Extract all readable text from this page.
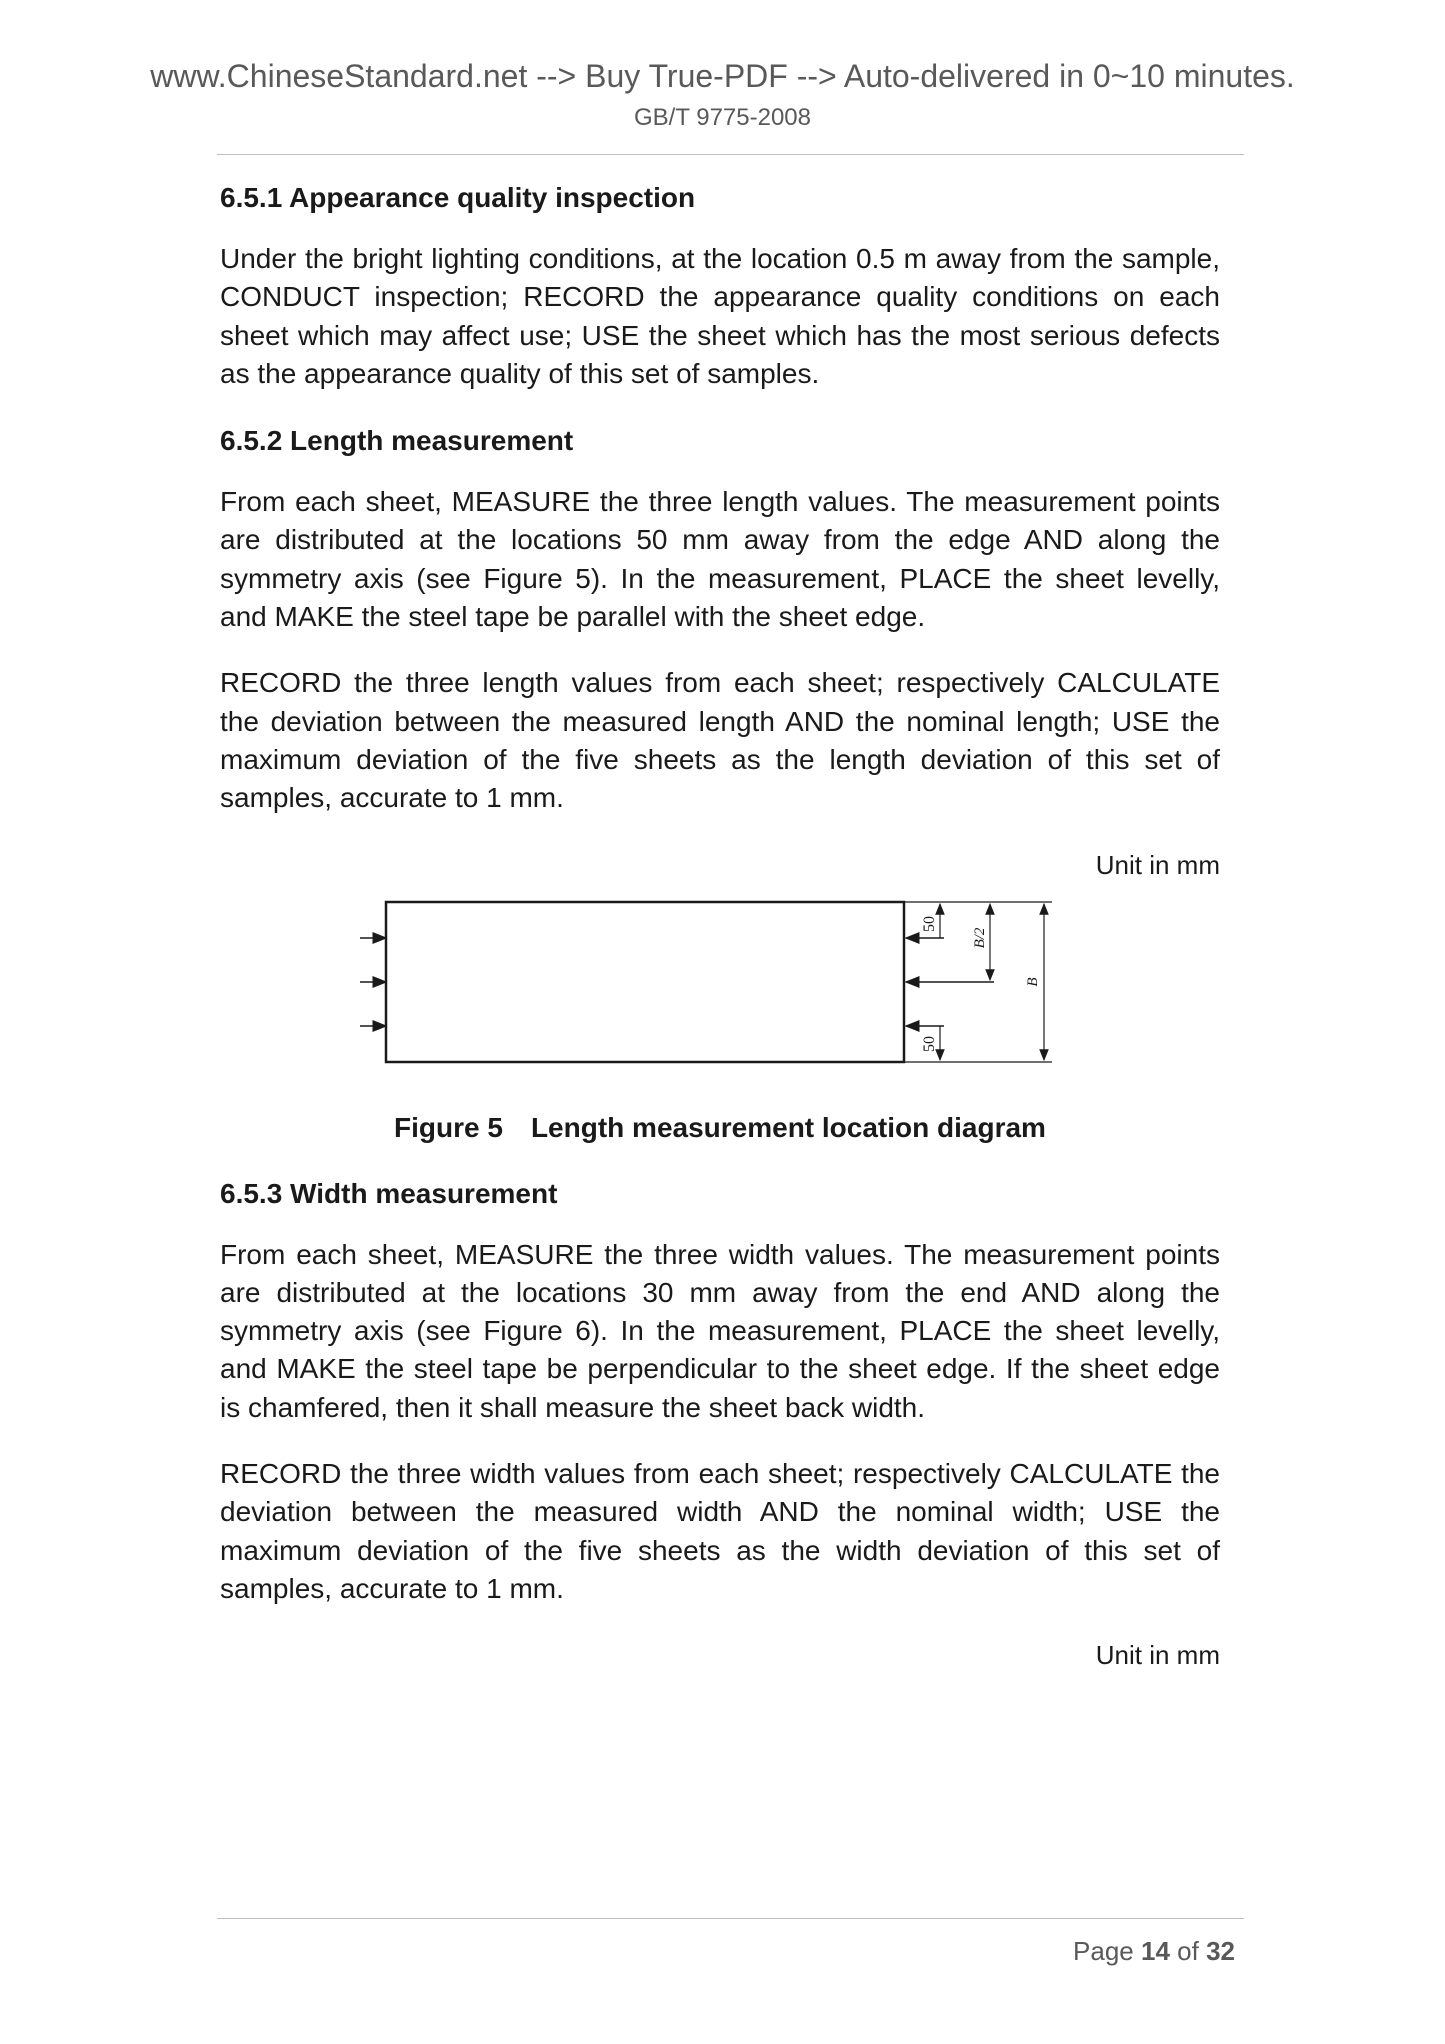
www.ChineseStandard.net --> Buy True-PDF --> Auto-delivered in 0~10 minutes.
GB/T 9775-2008
6.5.1 Appearance quality inspection

Under the bright lighting conditions, at the location 0.5 m away from the sample, CONDUCT inspection; RECORD the appearance quality conditions on each sheet which may affect use; USE the sheet which has the most serious defects as the appearance quality of this set of samples.

6.5.2 Length measurement

From each sheet, MEASURE the three length values. The measurement points are distributed at the locations 50 mm away from the edge AND along the symmetry axis (see Figure 5). In the measurement, PLACE the sheet levelly, and MAKE the steel tape be parallel with the sheet edge.

RECORD the three length values from each sheet; respectively CALCULATE the deviation between the measured length AND the nominal length; USE the maximum deviation of the five sheets as the length deviation of this set of samples, accurate to 1 mm.

Unit in mm
50
50
B/2
B
Figure 5 Length measurement location diagram
6.5.3 Width measurement

From each sheet, MEASURE the three width values. The measurement points are distributed at the locations 30 mm away from the end AND along the symmetry axis (see Figure 6). In the measurement, PLACE the sheet levelly, and MAKE the steel tape be perpendicular to the sheet edge. If the sheet edge is chamfered, then it shall measure the sheet back width.

RECORD the three width values from each sheet; respectively CALCULATE the deviation between the measured width AND the nominal width; USE the maximum deviation of the five sheets as the width deviation of this set of samples, accurate to 1 mm.

Unit in mm
Page 14 of 32
